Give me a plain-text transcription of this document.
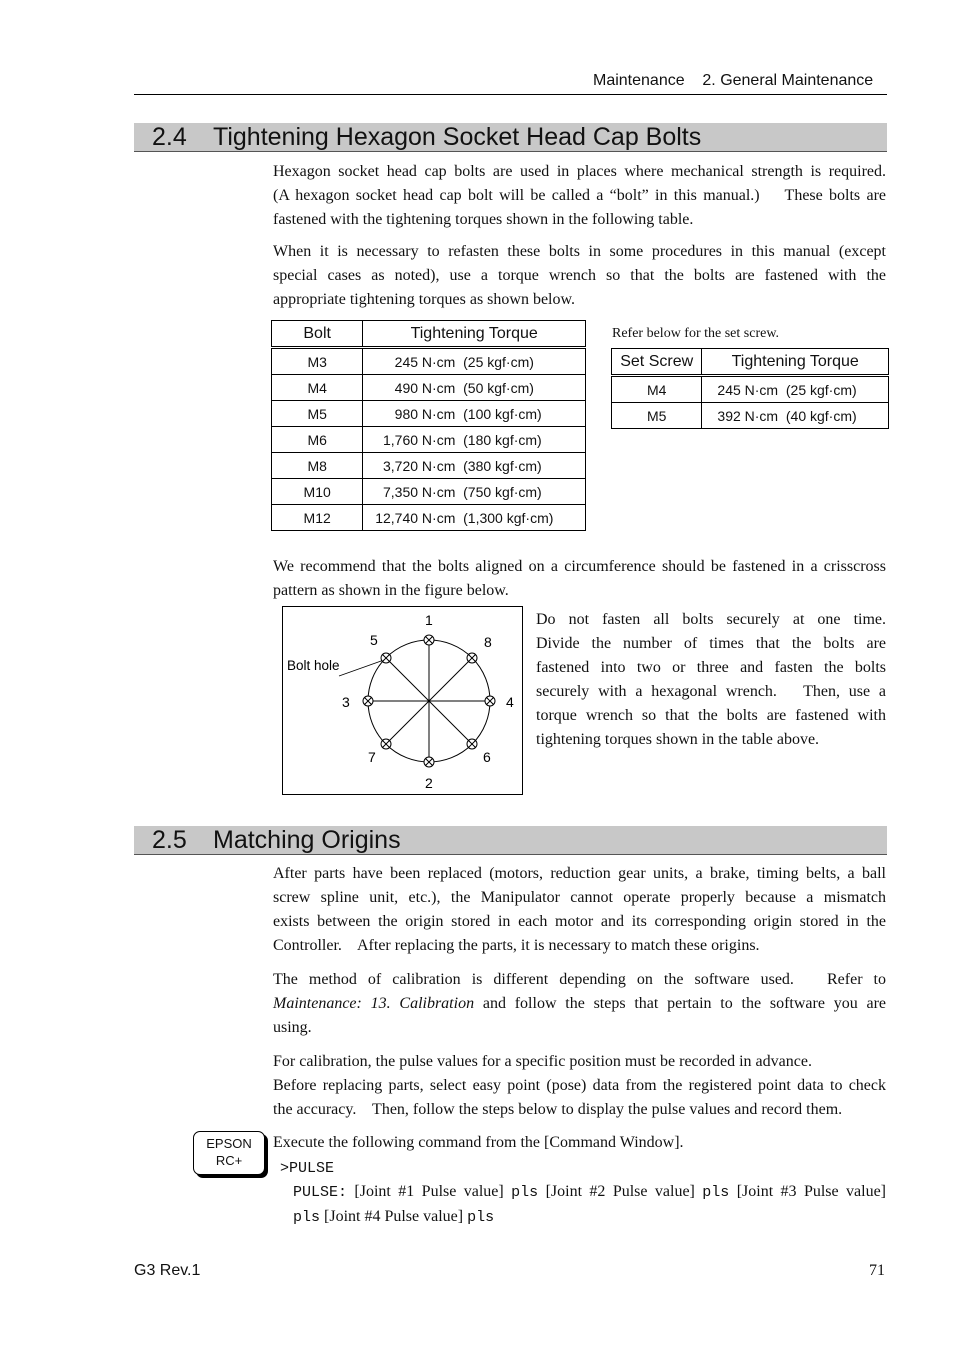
Maintenance    2. General Maintenance
2.4 Tightening Hexagon Socket Head Cap Bolts
Hexagon socket head cap bolts are used in places where mechanical strength is required.
(A hexagon socket head cap bolt will be called a “bolt” in this manual.)    These bolts are
fastened with the tightening torques shown in the following table.
When it is necessary to refasten these bolts in some procedures in this manual (except
special cases as noted), use a torque wrench so that the bolts are fastened with the
appropriate tightening torques as shown below.
Bolt	Tightening Torque
M3	245 N·cm  (25 kgf·cm)
M4	490 N·cm  (50 kgf·cm)
M5	980 N·cm  (100 kgf·cm)
M6	1,760 N·cm  (180 kgf·cm)
M8	3,720 N·cm  (380 kgf·cm)
M10	7,350 N·cm  (750 kgf·cm)
M12	12,740 N·cm  (1,300 kgf·cm)
Refer below for the set screw.
Set Screw	Tightening Torque
M4	245 N·cm  (25 kgf·cm)
M5	392 N·cm  (40 kgf·cm)
We recommend that the bolts aligned on a circumference should be fastened in a crisscross
pattern as shown in the figure below.
1
2
3	4
5
6
7
8
Bolt hole
Do not fasten all bolts securely at one time.
Divide the number of times that the bolts are
fastened into two or three and fasten the bolts
securely with a hexagonal wrench.   Then, use a
torque wrench so that the bolts are fastened with
tightening torques shown in the table above.
2.5 Matching Origins
After parts have been replaced (motors, reduction gear units, a brake, timing belts, a ball
screw spline unit, etc.), the Manipulator cannot operate properly because a mismatch
exists between the origin stored in each motor and its corresponding origin stored in the
Controller.    After replacing the parts, it is necessary to match these origins.
The method of calibration is different depending on the software used.   Refer to
Maintenance: 13. Calibration and follow the steps that pertain to the software you are
using.
For calibration, the pulse values for a specific position must be recorded in advance.
Before replacing parts, select easy point (pose) data from the registered point data to check
the accuracy.    Then, follow the steps below to display the pulse values and record them.
EPSON
RC+
Execute the following command from the [Command Window].
>PULSE
PULSE: [Joint #1 Pulse value] pls [Joint #2 Pulse value] pls [Joint #3 Pulse value]
pls [Joint #4 Pulse value] pls
G3 Rev.1	71
